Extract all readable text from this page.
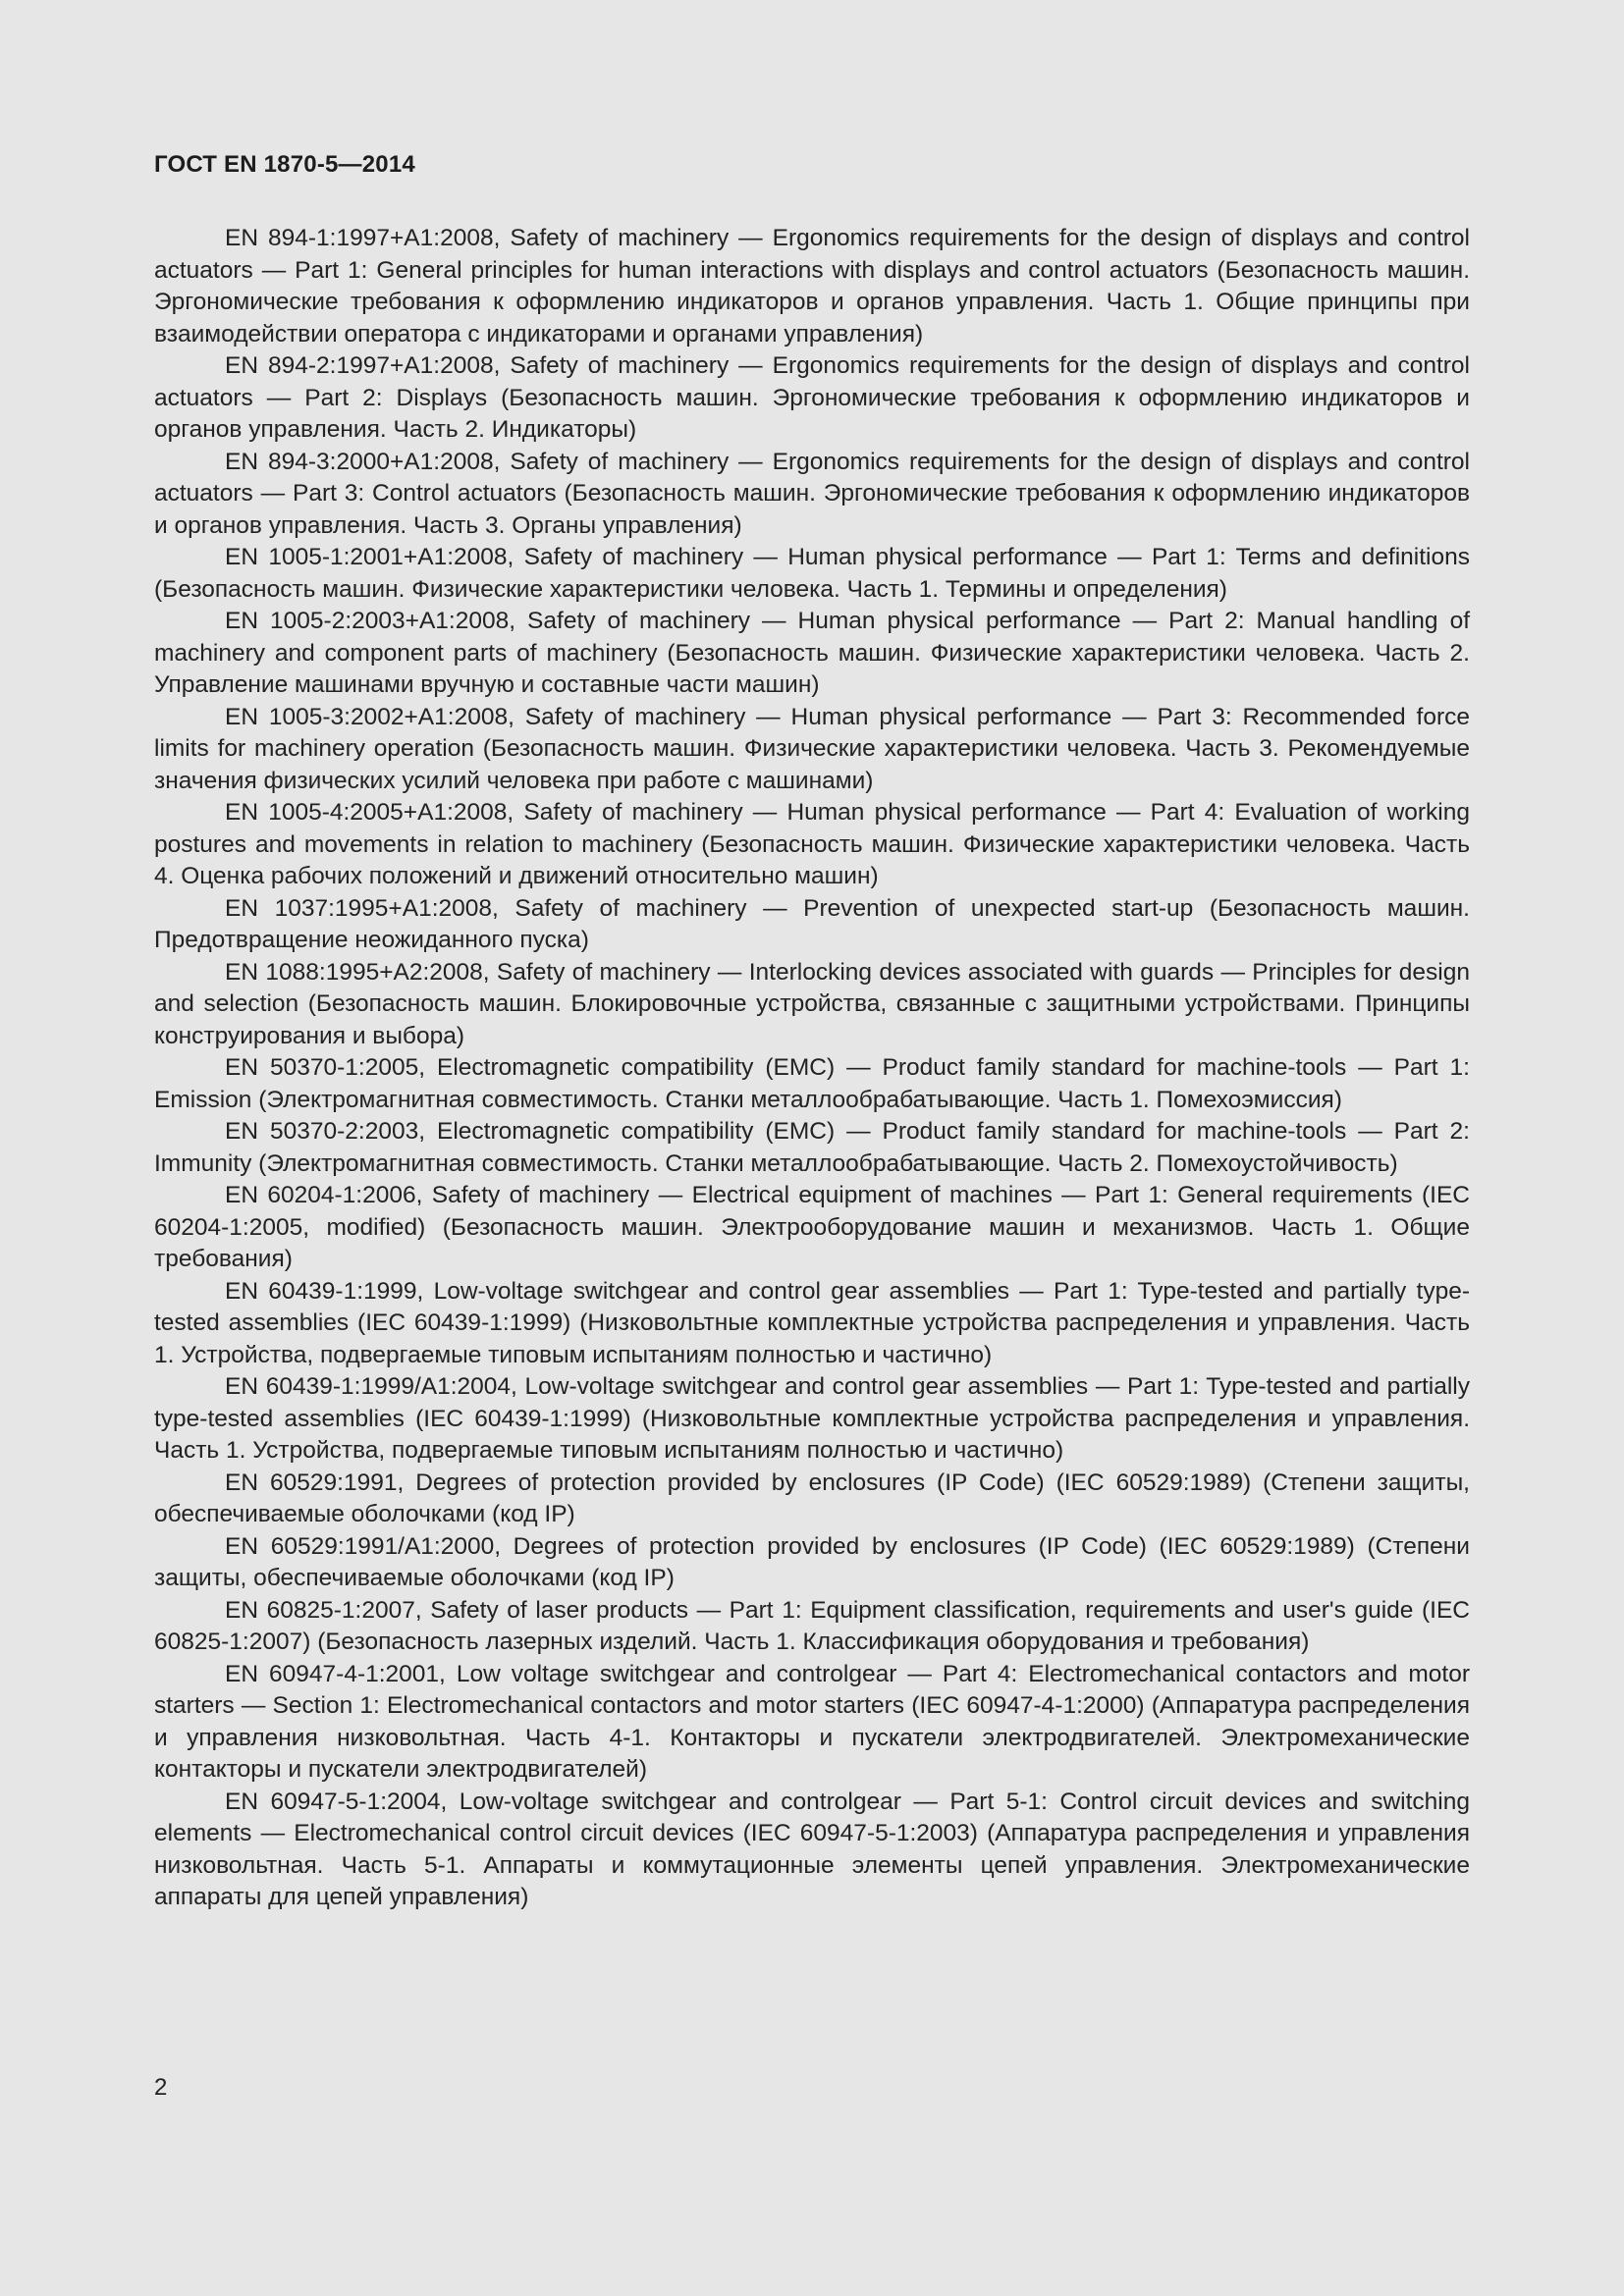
ГОСТ EN 1870-5—2014
EN 894-1:1997+A1:2008, Safety of machinery — Ergonomics requirements for the design of displays and control actuators — Part 1: General principles for human interactions with displays and control actuators (Безопасность машин. Эргономические требования к оформлению индикаторов и органов управления. Часть 1. Общие принципы при взаимодействии оператора с индикаторами и органами управления)
EN 894-2:1997+A1:2008, Safety of machinery — Ergonomics requirements for the design of displays and control actuators — Part 2: Displays (Безопасность машин. Эргономические требования к оформлению индикаторов и органов управления. Часть 2. Индикаторы)
EN 894-3:2000+A1:2008, Safety of machinery — Ergonomics requirements for the design of displays and control actuators — Part 3: Control actuators (Безопасность машин. Эргономические требования к оформлению индикаторов и органов управления. Часть 3. Органы управления)
EN 1005-1:2001+A1:2008, Safety of machinery — Human physical performance — Part 1: Terms and definitions (Безопасность машин. Физические характеристики человека. Часть 1. Термины и определения)
EN 1005-2:2003+A1:2008, Safety of machinery — Human physical performance — Part 2: Manual handling of machinery and component parts of machinery (Безопасность машин. Физические характеристики человека. Часть 2. Управление машинами вручную и составные части машин)
EN 1005-3:2002+A1:2008, Safety of machinery — Human physical performance — Part 3: Recommended force limits for machinery operation (Безопасность машин. Физические характеристики человека. Часть 3. Рекомендуемые значения физических усилий человека при работе с машинами)
EN 1005-4:2005+A1:2008, Safety of machinery — Human physical performance — Part 4: Evaluation of working postures and movements in relation to machinery (Безопасность машин. Физические характеристики человека. Часть 4. Оценка рабочих положений и движений относительно машин)
EN 1037:1995+A1:2008, Safety of machinery — Prevention of unexpected start-up (Безопасность машин. Предотвращение неожиданного пуска)
EN 1088:1995+A2:2008, Safety of machinery — Interlocking devices associated with guards — Principles for design and selection (Безопасность машин. Блокировочные устройства, связанные с защитными устройствами. Принципы конструирования и выбора)
EN 50370-1:2005, Electromagnetic compatibility (EMC) — Product family standard for machine-tools — Part 1: Emission (Электромагнитная совместимость. Станки металлообрабатывающие. Часть 1. Помехоэмиссия)
EN 50370-2:2003, Electromagnetic compatibility (EMC) — Product family standard for machine-tools — Part 2: Immunity (Электромагнитная совместимость. Станки металлообрабатывающие. Часть 2. Помехоустойчивость)
EN 60204-1:2006, Safety of machinery — Electrical equipment of machines — Part 1: General requirements (IEC 60204-1:2005, modified) (Безопасность машин. Электрооборудование машин и механизмов. Часть 1. Общие требования)
EN 60439-1:1999, Low-voltage switchgear and control gear assemblies — Part 1: Type-tested and partially type-tested assemblies (IEC 60439-1:1999) (Низковольтные комплектные устройства распределения и управления. Часть 1. Устройства, подвергаемые типовым испытаниям полностью и частично)
EN 60439-1:1999/A1:2004, Low-voltage switchgear and control gear assemblies — Part 1: Type-tested and partially type-tested assemblies (IEC 60439-1:1999) (Низковольтные комплектные устройства распределения и управления. Часть 1. Устройства, подвергаемые типовым испытаниям полностью и частично)
EN 60529:1991, Degrees of protection provided by enclosures (IP Code) (IEC 60529:1989) (Степени защиты, обеспечиваемые оболочками (код IP)
EN 60529:1991/A1:2000, Degrees of protection provided by enclosures (IP Code) (IEC 60529:1989) (Степени защиты, обеспечиваемые оболочками (код IP)
EN 60825-1:2007, Safety of laser products — Part 1: Equipment classification, requirements and user's guide (IEC 60825-1:2007) (Безопасность лазерных изделий. Часть 1. Классификация оборудования и требования)
EN 60947-4-1:2001, Low voltage switchgear and controlgear — Part 4: Electromechanical contactors and motor starters — Section 1: Electromechanical contactors and motor starters (IEC 60947-4-1:2000) (Аппаратура распределения и управления низковольтная. Часть 4-1. Контакторы и пускатели электродвигателей. Электромеханические контакторы и пускатели электродвигателей)
EN 60947-5-1:2004, Low-voltage switchgear and controlgear — Part 5-1: Control circuit devices and switching elements — Electromechanical control circuit devices (IEC 60947-5-1:2003) (Аппаратура распределения и управления низковольтная. Часть 5-1. Аппараты и коммутационные элементы цепей управления. Электромеханические аппараты для цепей управления)
2
